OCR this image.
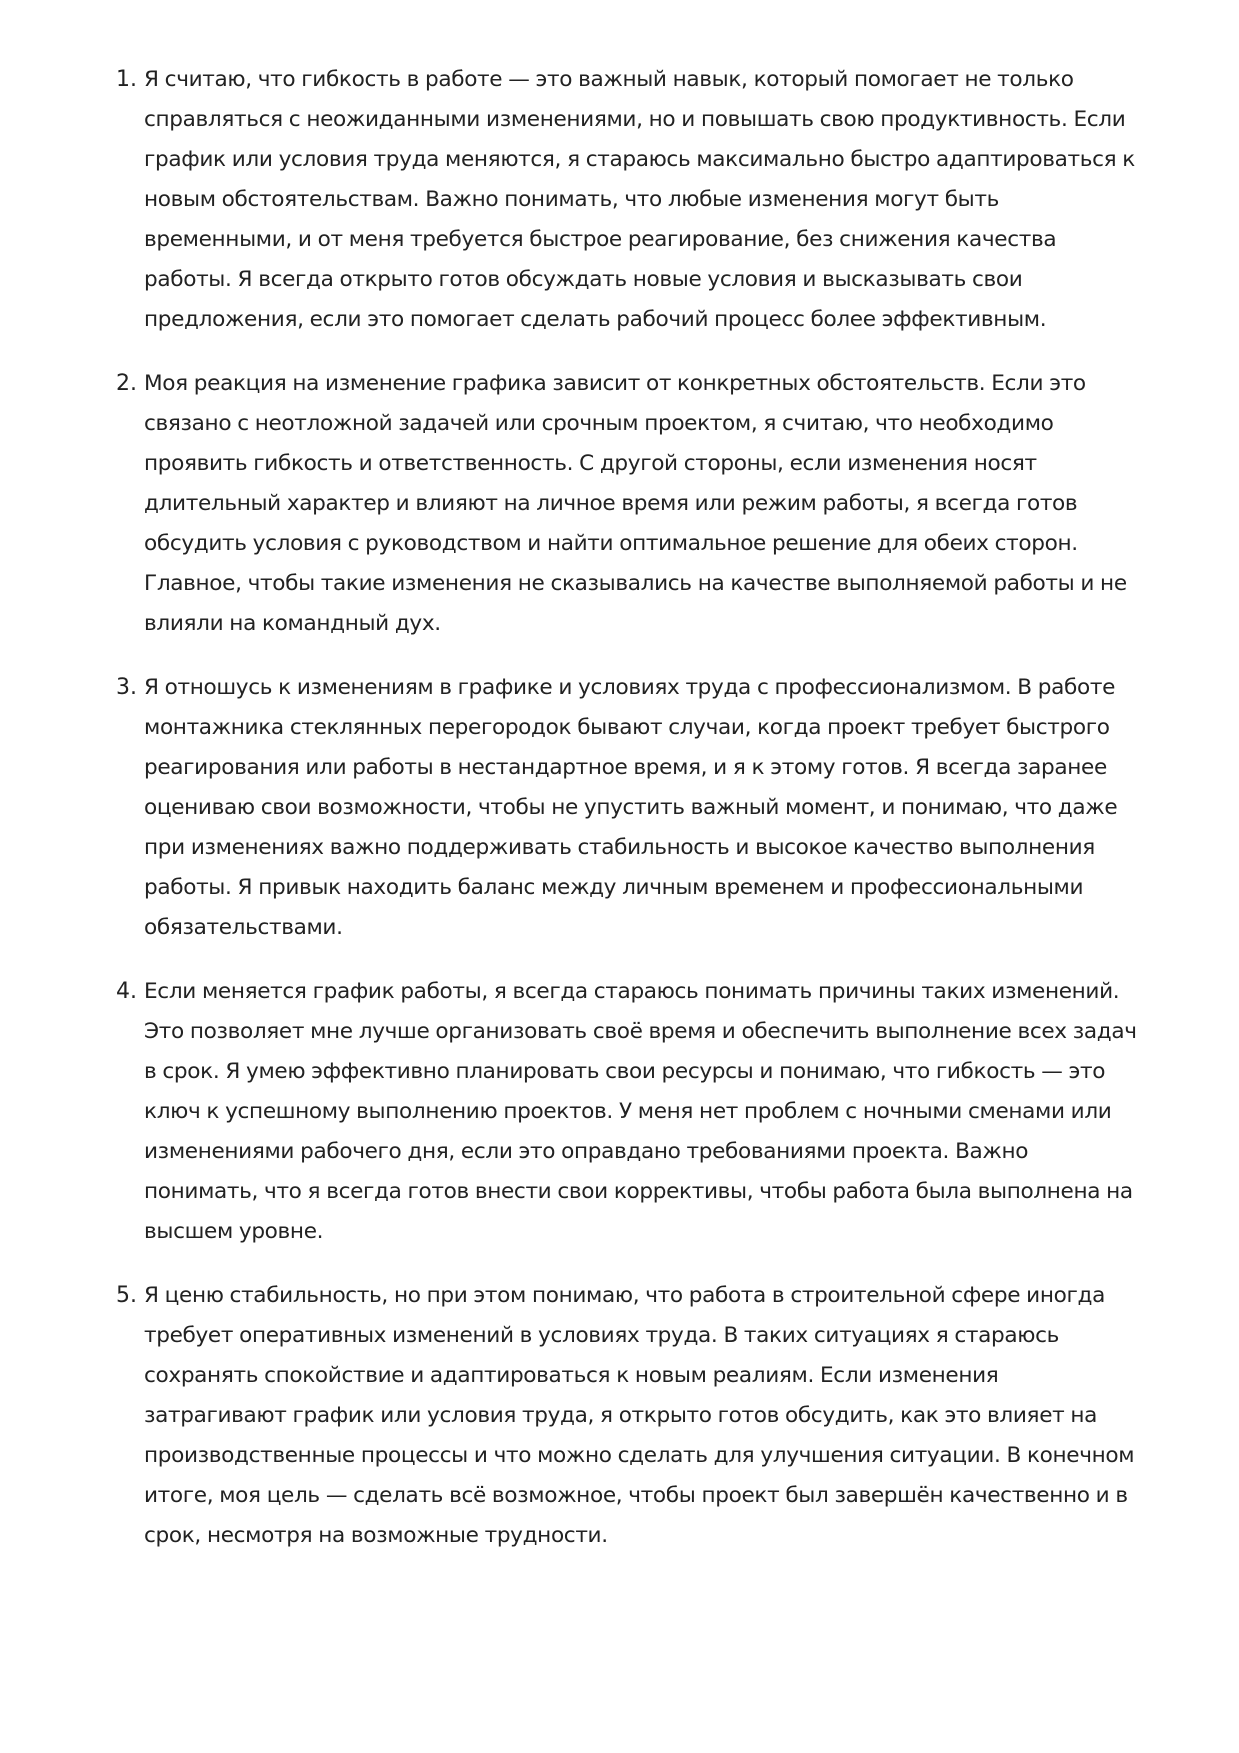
1. Я считаю, что гибкость в работе — это важный навык, который помогает не только справляться с неожиданными изменениями, но и повышать свою продуктивность. Если график или условия труда меняются, я стараюсь максимально быстро адаптироваться к новым обстоятельствам. Важно понимать, что любые изменения могут быть временными, и от меня требуется быстрое реагирование, без снижения качества работы. Я всегда открыто готов обсуждать новые условия и высказывать свои предложения, если это помогает сделать рабочий процесс более эффективным.

2. Моя реакция на изменение графика зависит от конкретных обстоятельств. Если это связано с неотложной задачей или срочным проектом, я считаю, что необходимо проявить гибкость и ответственность. С другой стороны, если изменения носят длительный характер и влияют на личное время или режим работы, я всегда готов обсудить условия с руководством и найти оптимальное решение для обеих сторон. Главное, чтобы такие изменения не сказывались на качестве выполняемой работы и не влияли на командный дух.

3. Я отношусь к изменениям в графике и условиях труда с профессионализмом. В работе монтажника стеклянных перегородок бывают случаи, когда проект требует быстрого реагирования или работы в нестандартное время, и я к этому готов. Я всегда заранее оцениваю свои возможности, чтобы не упустить важный момент, и понимаю, что даже при изменениях важно поддерживать стабильность и высокое качество выполнения работы. Я привык находить баланс между личным временем и профессиональными обязательствами.

4. Если меняется график работы, я всегда стараюсь понимать причины таких изменений. Это позволяет мне лучше организовать своё время и обеспечить выполнение всех задач в срок. Я умею эффективно планировать свои ресурсы и понимаю, что гибкость — это ключ к успешному выполнению проектов. У меня нет проблем с ночными сменами или изменениями рабочего дня, если это оправдано требованиями проекта. Важно понимать, что я всегда готов внести свои коррективы, чтобы работа была выполнена на высшем уровне.

5. Я ценю стабильность, но при этом понимаю, что работа в строительной сфере иногда требует оперативных изменений в условиях труда. В таких ситуациях я стараюсь сохранять спокойствие и адаптироваться к новым реалиям. Если изменения затрагивают график или условия труда, я открыто готов обсудить, как это влияет на производственные процессы и что можно сделать для улучшения ситуации. В конечном итоге, моя цель — сделать всё возможное, чтобы проект был завершён качественно и в срок, несмотря на возможные трудности.
